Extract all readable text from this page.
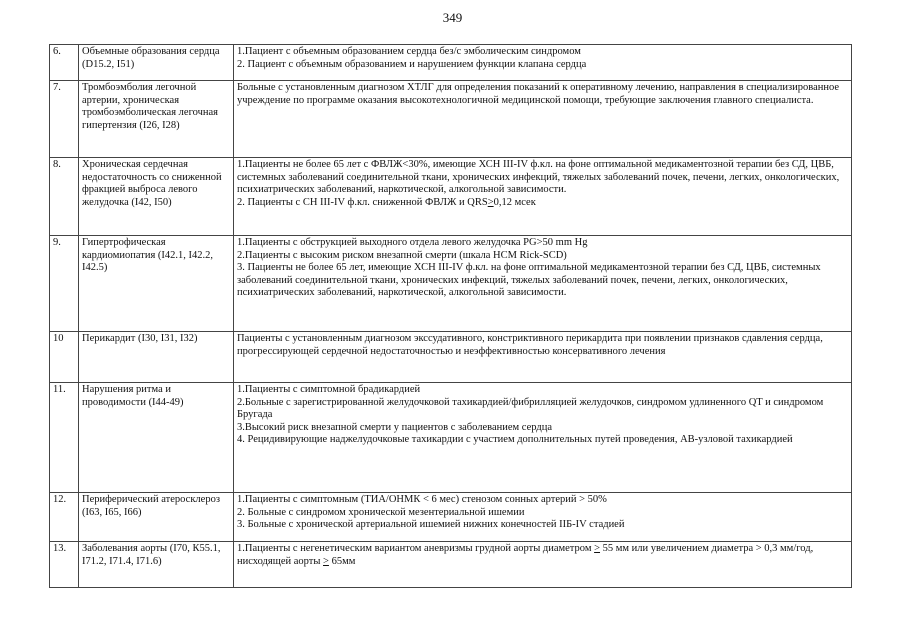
349
6.	Объемные образования сердца (D15.2, I51)	1.Пациент с объемным образованием сердца без/с эмболическим синдромом
2. Пациент с объемным образованием и нарушением функции клапана сердца

7.	Тромбоэмболия легочной артерии, хроническая тромбоэмболическая легочная гипертензия (I26, I28)	Больные с установленным диагнозом ХТЛГ для определения показаний к оперативному лечению, направления в специализированное учреждение по программе оказания высокотехнологичной медицинской помощи, требующие заключения главного специалиста.

8.	Хроническая сердечная недостаточность со сниженной фракцией выброса левого желудочка (I42, I50)	1.Пациенты не более 65 лет с ФВЛЖ<30%, имеющие ХСН III-IV ф.кл. на фоне оптимальной медикаментозной терапии без СД, ЦВБ, системных заболеваний соединительной ткани, хронических инфекций, тяжелых заболеваний почек, печени, легких, онкологических, психиатрических заболеваний, наркотической, алкогольной зависимости.
2. Пациенты с СН III-IV ф.кл. сниженной ФВЛЖ и QRS≥0,12 мсек

9.	Гипертрофическая кардиомиопатия (I42.1, I42.2, I42.5)	1.Пациенты с обструкцией выходного отдела левого желудочка PG>50 mm Hg
2.Пациенты с высоким риском внезапной смерти (шкала HCM Rick-SCD)
3. Пациенты не более 65 лет, имеющие ХСН III-IV ф.кл. на фоне оптимальной медикаментозной терапии без СД, ЦВБ, системных заболеваний соединительной ткани, хронических инфекций, тяжелых заболеваний почек, печени, легких, онкологических, психиатрических заболеваний, наркотической, алкогольной зависимости.

10	Перикардит (I30, I31, I32)	Пациенты с установленным диагнозом экссудативного, констриктивного перикардита при появлении признаков сдавления сердца, прогрессирующей сердечной недостаточностью и неэффективностью консервативного лечения

11.	Нарушения ритма и проводимости (I44-49)	1.Пациенты с симптомной брадикардией
2.Больные с зарегистрированной желудочковой тахикардией/фибрилляцией желудочков, синдромом удлиненного QT и синдромом Бругада
3.Высокий риск внезапной смерти у пациентов с заболеванием сердца
4. Рецидивирующие наджелудочковые тахикардии с участием дополнительных путей проведения, АВ-узловой тахикардией

12.	Периферический атеросклероз (I63, I65, I66)	1.Пациенты с симптомным (ТИА/ОНМК < 6 мес) стенозом сонных артерий > 50%
2. Больные с синдромом хронической мезентериальной ишемии
3. Больные с хронической артериальной ишемией нижних конечностей IIБ-IV стадией

13.	Заболевания аорты (I70, К55.1, I71.2, I71.4, I71.6)	1.Пациенты с негенетическим вариантом аневризмы грудной аорты диаметром ≥ 55 мм или увеличением диаметра > 0,3 мм/год, нисходящей аорты ≥ 65мм
